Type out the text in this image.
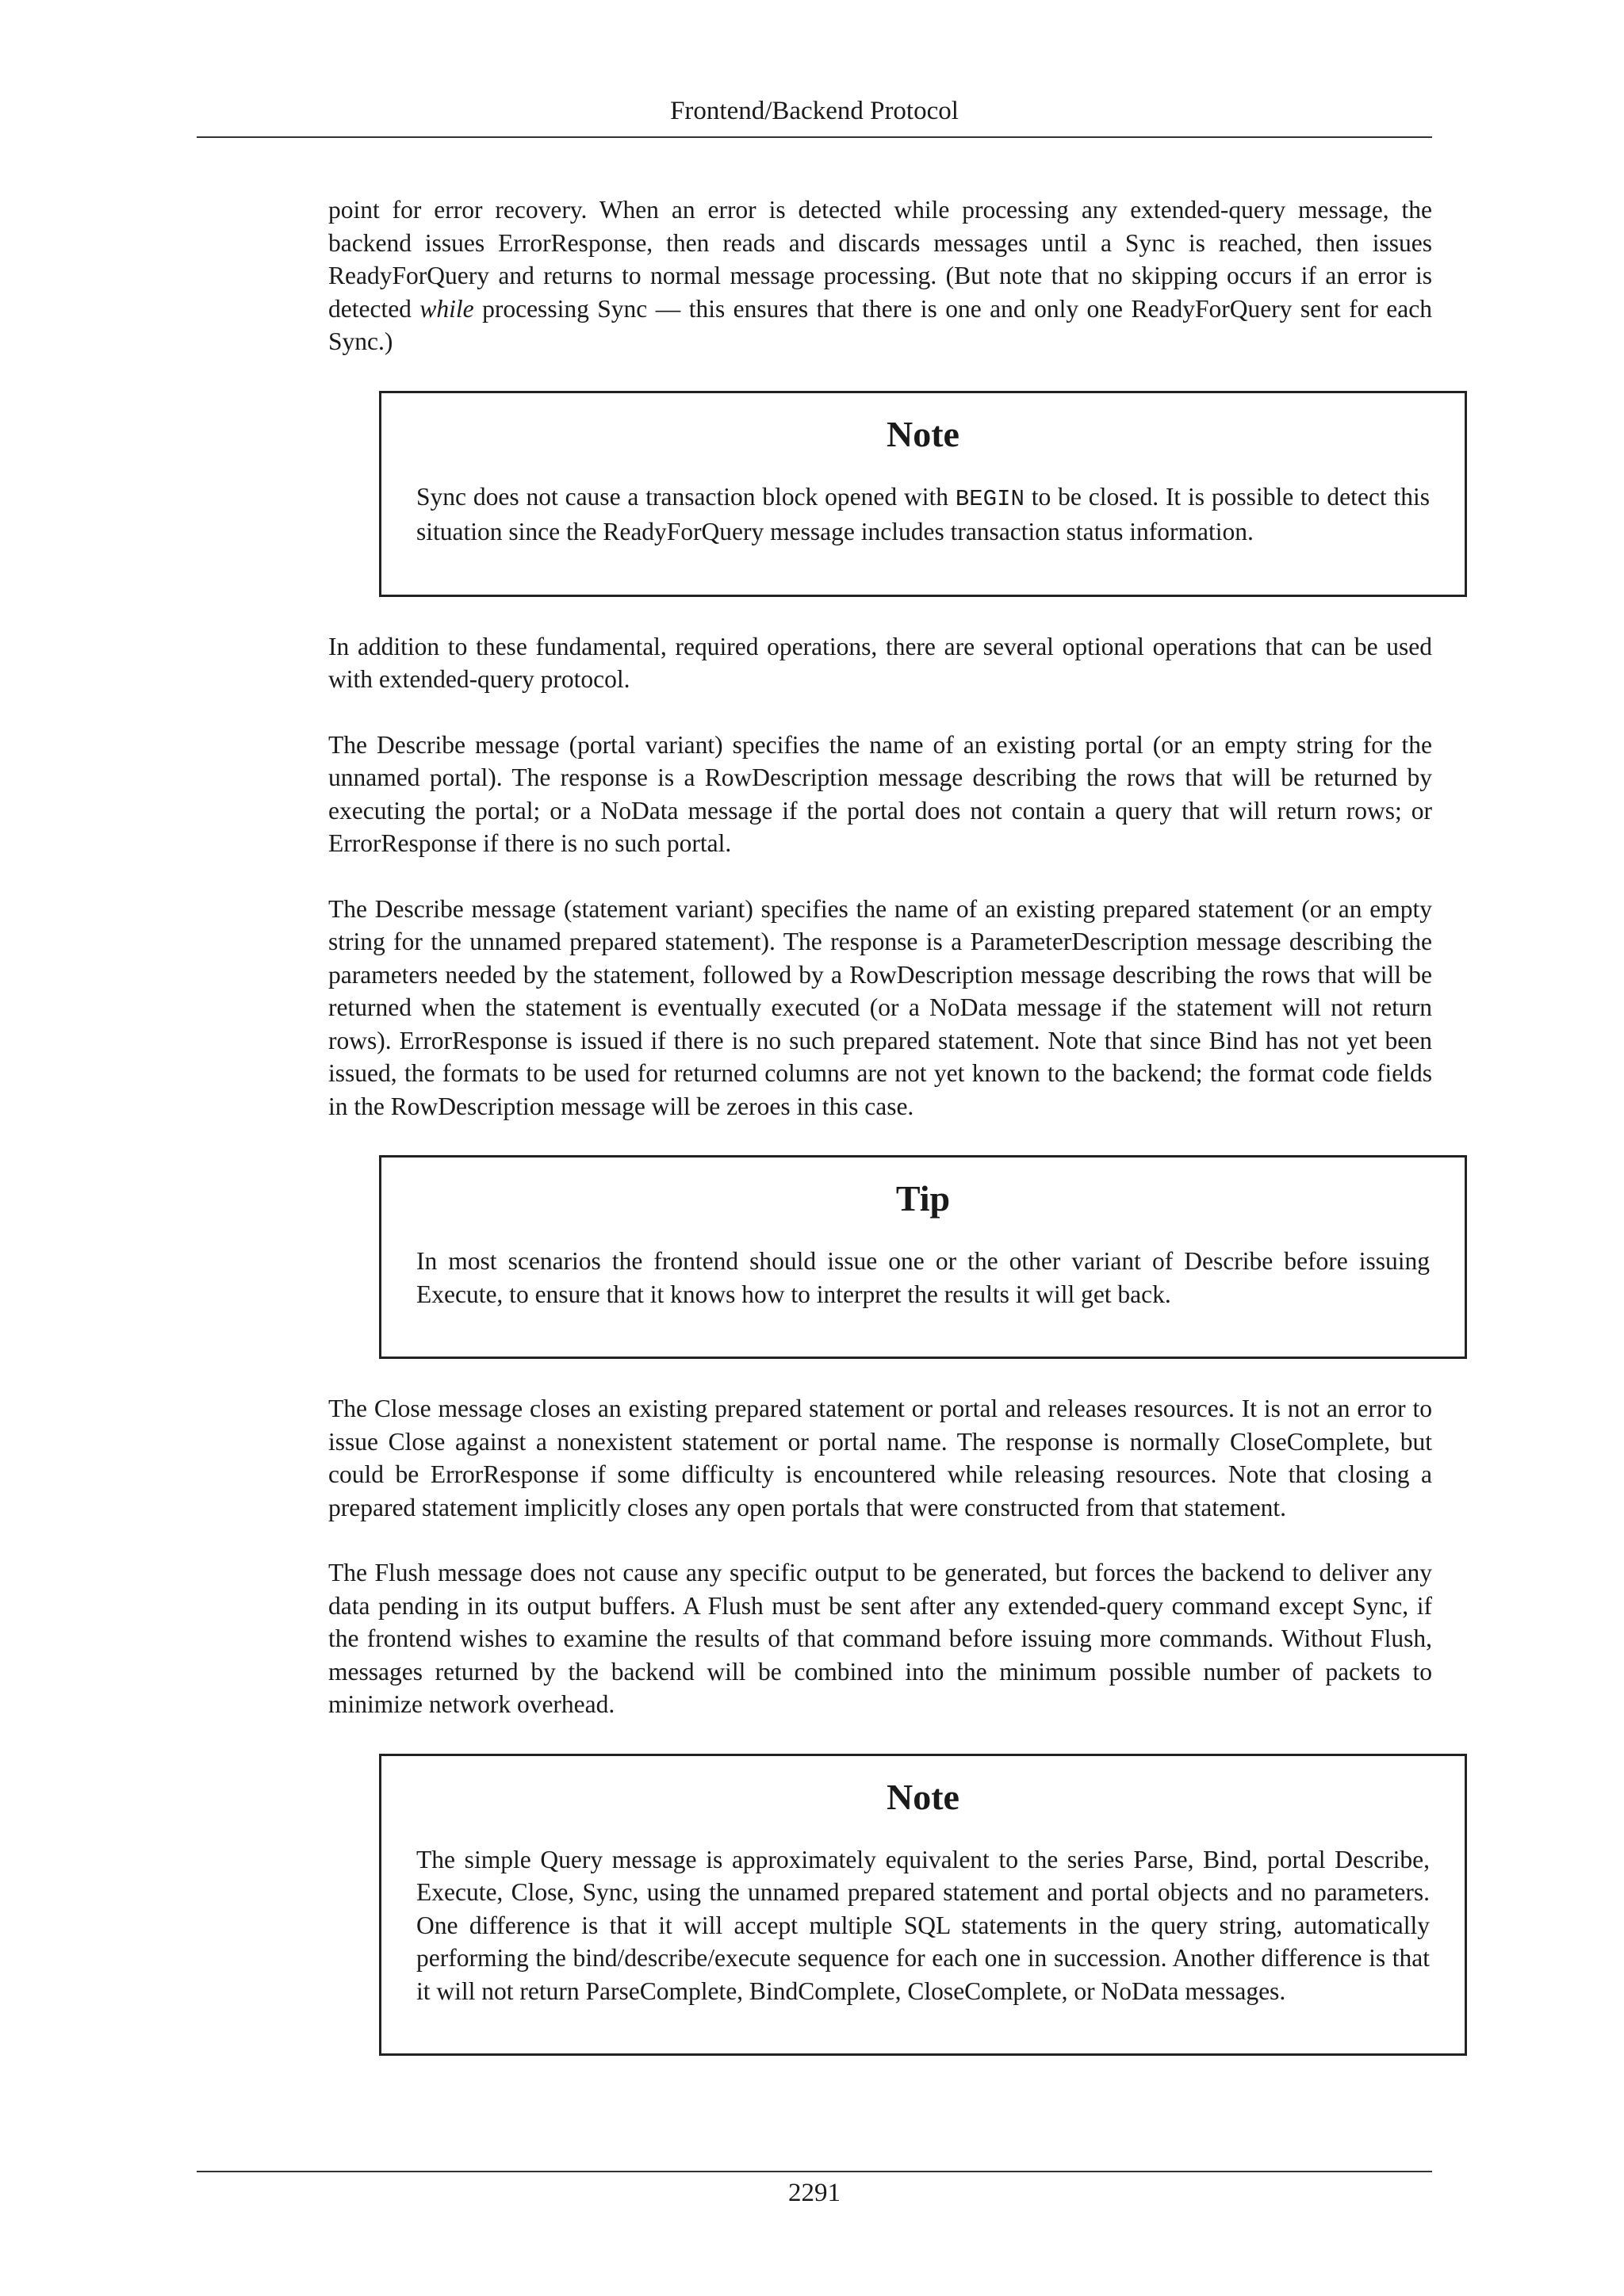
Frontend/Backend Protocol

point for error recovery. When an error is detected while processing any extended-query message, the backend issues ErrorResponse, then reads and discards messages until a Sync is reached, then issues ReadyForQuery and returns to normal message processing. (But note that no skipping occurs if an error is detected while processing Sync — this ensures that there is one and only one ReadyForQuery sent for each Sync.)

Note

Sync does not cause a transaction block opened with BEGIN to be closed. It is possible to detect this situation since the ReadyForQuery message includes transaction status information.

In addition to these fundamental, required operations, there are several optional operations that can be used with extended-query protocol.

The Describe message (portal variant) specifies the name of an existing portal (or an empty string for the unnamed portal). The response is a RowDescription message describing the rows that will be returned by executing the portal; or a NoData message if the portal does not contain a query that will return rows; or ErrorResponse if there is no such portal.

The Describe message (statement variant) specifies the name of an existing prepared statement (or an empty string for the unnamed prepared statement). The response is a ParameterDescription message describing the parameters needed by the statement, followed by a RowDescription message describing the rows that will be returned when the statement is eventually executed (or a NoData message if the statement will not return rows). ErrorResponse is issued if there is no such prepared statement. Note that since Bind has not yet been issued, the formats to be used for returned columns are not yet known to the backend; the format code fields in the RowDescription message will be zeroes in this case.

Tip

In most scenarios the frontend should issue one or the other variant of Describe before issuing Execute, to ensure that it knows how to interpret the results it will get back.

The Close message closes an existing prepared statement or portal and releases resources. It is not an error to issue Close against a nonexistent statement or portal name. The response is normally CloseComplete, but could be ErrorResponse if some difficulty is encountered while releasing resources. Note that closing a prepared statement implicitly closes any open portals that were constructed from that statement.

The Flush message does not cause any specific output to be generated, but forces the backend to deliver any data pending in its output buffers. A Flush must be sent after any extended-query command except Sync, if the frontend wishes to examine the results of that command before issuing more commands. Without Flush, messages returned by the backend will be combined into the minimum possible number of packets to minimize network overhead.

Note

The simple Query message is approximately equivalent to the series Parse, Bind, portal Describe, Execute, Close, Sync, using the unnamed prepared statement and portal objects and no parameters. One difference is that it will accept multiple SQL statements in the query string, automatically performing the bind/describe/execute sequence for each one in succession. Another difference is that it will not return ParseComplete, BindComplete, CloseComplete, or NoData messages.

2291
